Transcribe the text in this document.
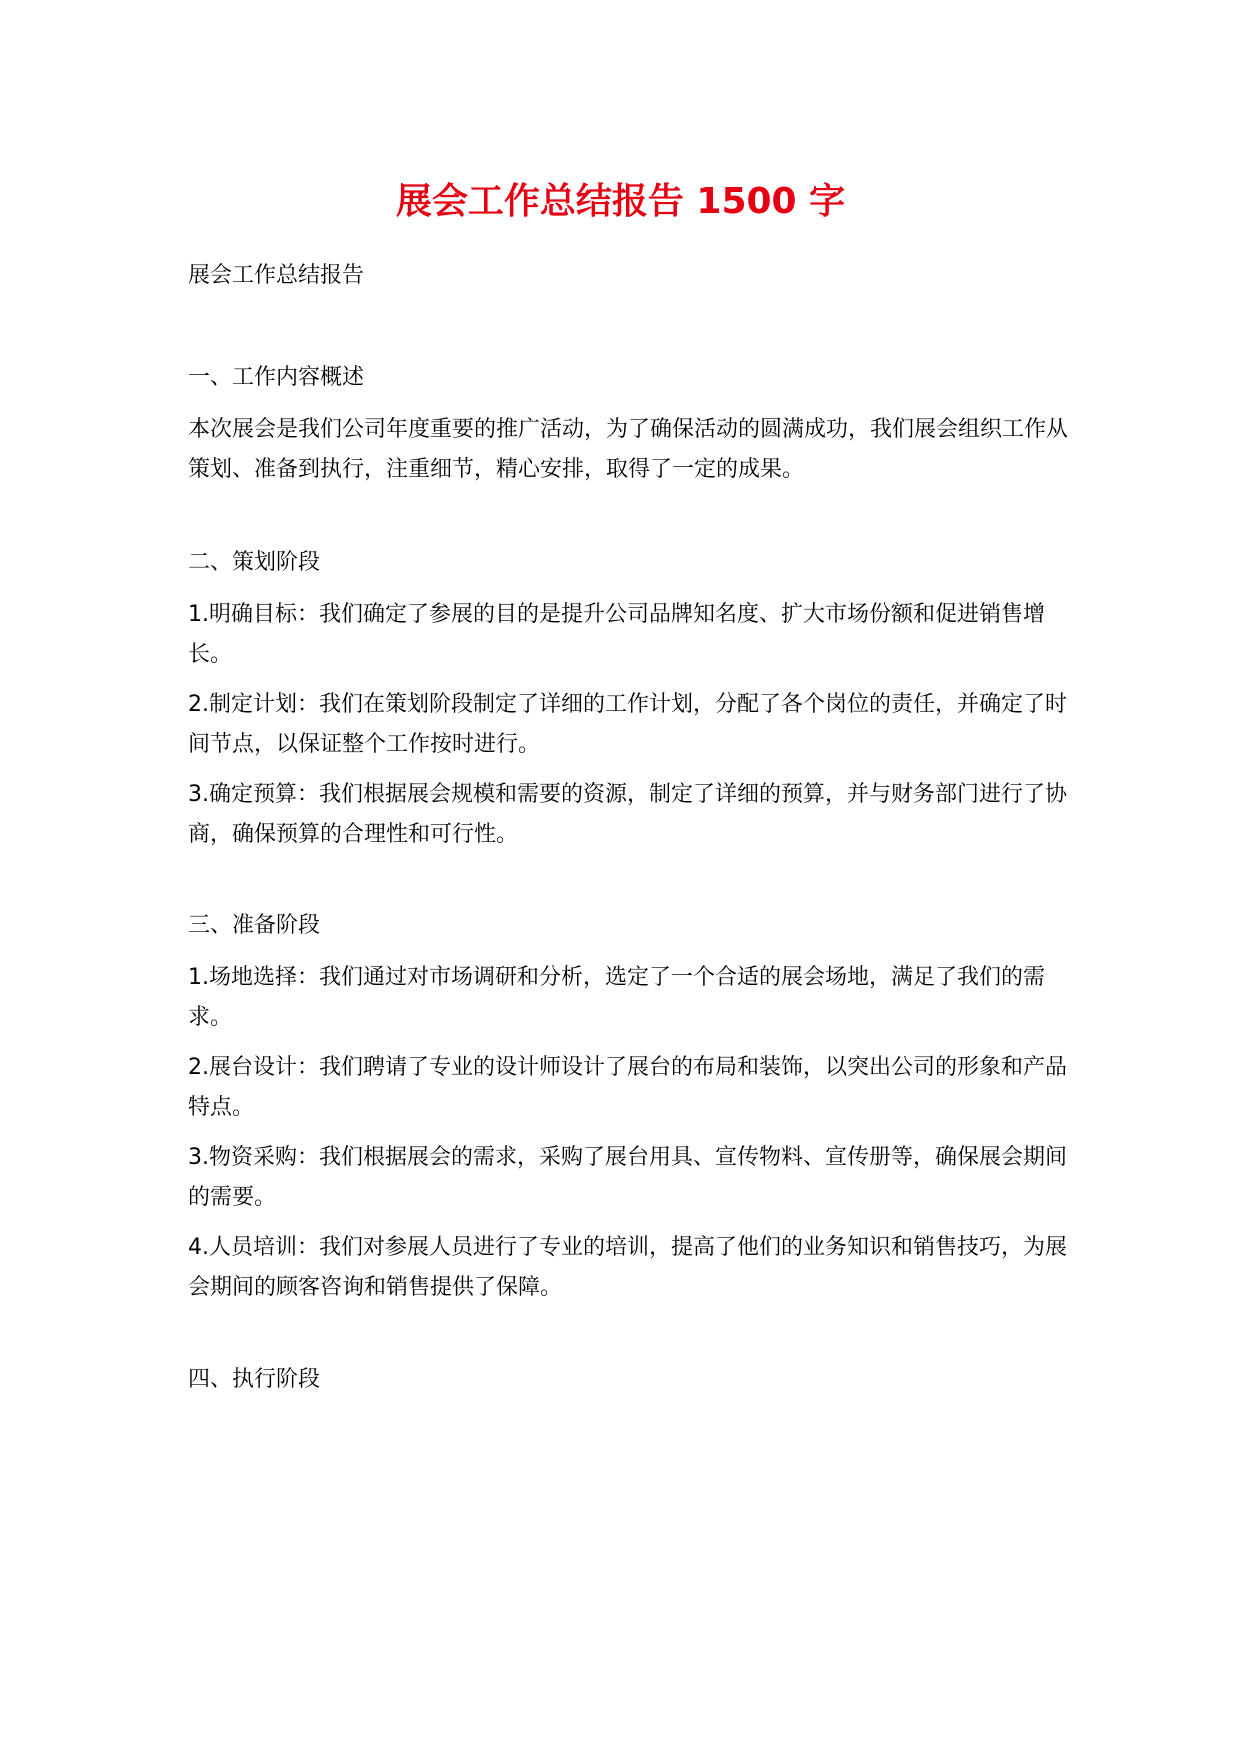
展会工作总结报告 1500 字

展会工作总结报告

一、工作内容概述

本次展会是我们公司年度重要的推广活动，为了确保活动的圆满成功，我们展会组织工作从策划、准备到执行，注重细节，精心安排，取得了一定的成果。

二、策划阶段

1.明确目标：我们确定了参展的目的是提升公司品牌知名度、扩大市场份额和促进销售增长。

2.制定计划：我们在策划阶段制定了详细的工作计划，分配了各个岗位的责任，并确定了时间节点，以保证整个工作按时进行。

3.确定预算：我们根据展会规模和需要的资源，制定了详细的预算，并与财务部门进行了协商，确保预算的合理性和可行性。

三、准备阶段

1.场地选择：我们通过对市场调研和分析，选定了一个合适的展会场地，满足了我们的需求。

2.展台设计：我们聘请了专业的设计师设计了展台的布局和装饰，以突出公司的形象和产品特点。

3.物资采购：我们根据展会的需求，采购了展台用具、宣传物料、宣传册等，确保展会期间的需要。

4.人员培训：我们对参展人员进行了专业的培训，提高了他们的业务知识和销售技巧，为展会期间的顾客咨询和销售提供了保障。

四、执行阶段
